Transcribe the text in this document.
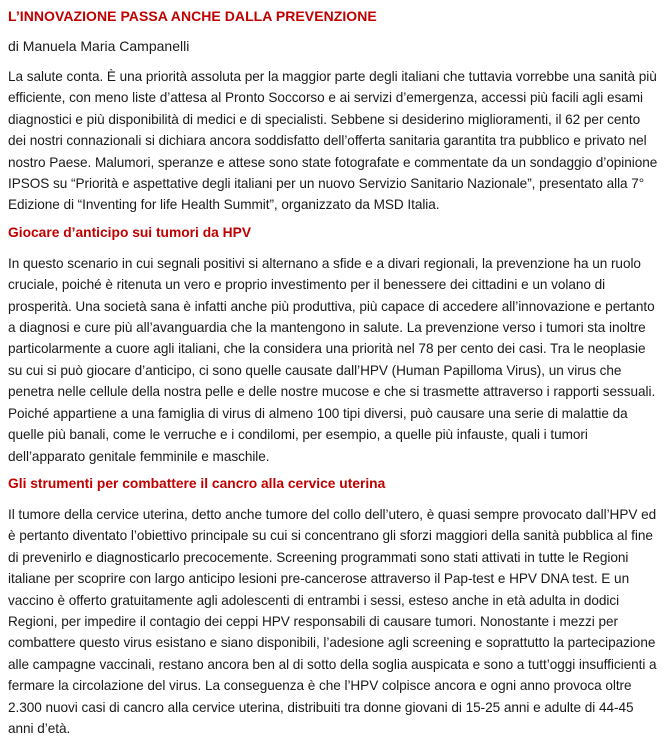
L’INNOVAZIONE PASSA ANCHE DALLA PREVENZIONE
di Manuela Maria Campanelli
La salute conta. È una priorità assoluta per la maggior parte degli italiani che tuttavia vorrebbe una sanità più efficiente, con meno liste d’attesa al Pronto Soccorso e ai servizi d’emergenza, accessi più facili agli esami diagnostici e più disponibilità di medici e di specialisti. Sebbene si desiderino miglioramenti, il 62 per cento dei nostri connazionali si dichiara ancora soddisfatto dell’offerta sanitaria garantita tra pubblico e privato nel nostro Paese. Malumori, speranze e attese sono state fotografate e commentate da un sondaggio d’opinione IPSOS su “Priorità e aspettative degli italiani per un nuovo Servizio Sanitario Nazionale”, presentato alla 7° Edizione di “Inventing for life Health Summit”, organizzato da MSD Italia.
Giocare d’anticipo sui tumori da HPV
In questo scenario in cui segnali positivi si alternano a sfide e a divari regionali, la prevenzione ha un ruolo cruciale, poiché è ritenuta un vero e proprio investimento per il benessere dei cittadini e un volano di prosperità. Una società sana è infatti anche più produttiva, più capace di accedere all’innovazione e pertanto a diagnosi e cure più all’avanguardia che la mantengono in salute. La prevenzione verso i tumori sta inoltre particolarmente a cuore agli italiani, che la considera una priorità nel 78 per cento dei casi. Tra le neoplasie su cui si può giocare d’anticipo, ci sono quelle causate dall’HPV (Human Papilloma Virus), un virus che penetra nelle cellule della nostra pelle e delle nostre mucose e che si trasmette attraverso i rapporti sessuali. Poiché appartiene a una famiglia di virus di almeno 100 tipi diversi, può causare una serie di malattie da quelle più banali, come le verruche e i condilomi, per esempio, a quelle più infauste, quali i tumori dell’apparato genitale femminile e maschile.
Gli strumenti per combattere il cancro alla cervice uterina
Il tumore della cervice uterina, detto anche tumore del collo dell’utero, è quasi sempre provocato dall’HPV ed è pertanto diventato l’obiettivo principale su cui si concentrano gli sforzi maggiori della sanità pubblica al fine di prevenirlo e diagnosticarlo precocemente. Screening programmati sono stati attivati in tutte le Regioni italiane per scoprire con largo anticipo lesioni pre-cancerose attraverso il Pap-test e HPV DNA test. E un vaccino è offerto gratuitamente agli adolescenti di entrambi i sessi, esteso anche in età adulta in dodici Regioni, per impedire il contagio dei ceppi HPV responsabili di causare tumori. Nonostante i mezzi per combattere questo virus esistano e siano disponibili, l’adesione agli screening e soprattutto la partecipazione alle campagne vaccinali, restano ancora ben al di sotto della soglia auspicata e sono a tutt’oggi insufficienti a fermare la circolazione del virus. La conseguenza è che l’HPV colpisce ancora e ogni anno provoca oltre 2.300 nuovi casi di cancro alla cervice uterina, distribuiti tra donne giovani di 15-25 anni e adulte di 44-45 anni d’età.
